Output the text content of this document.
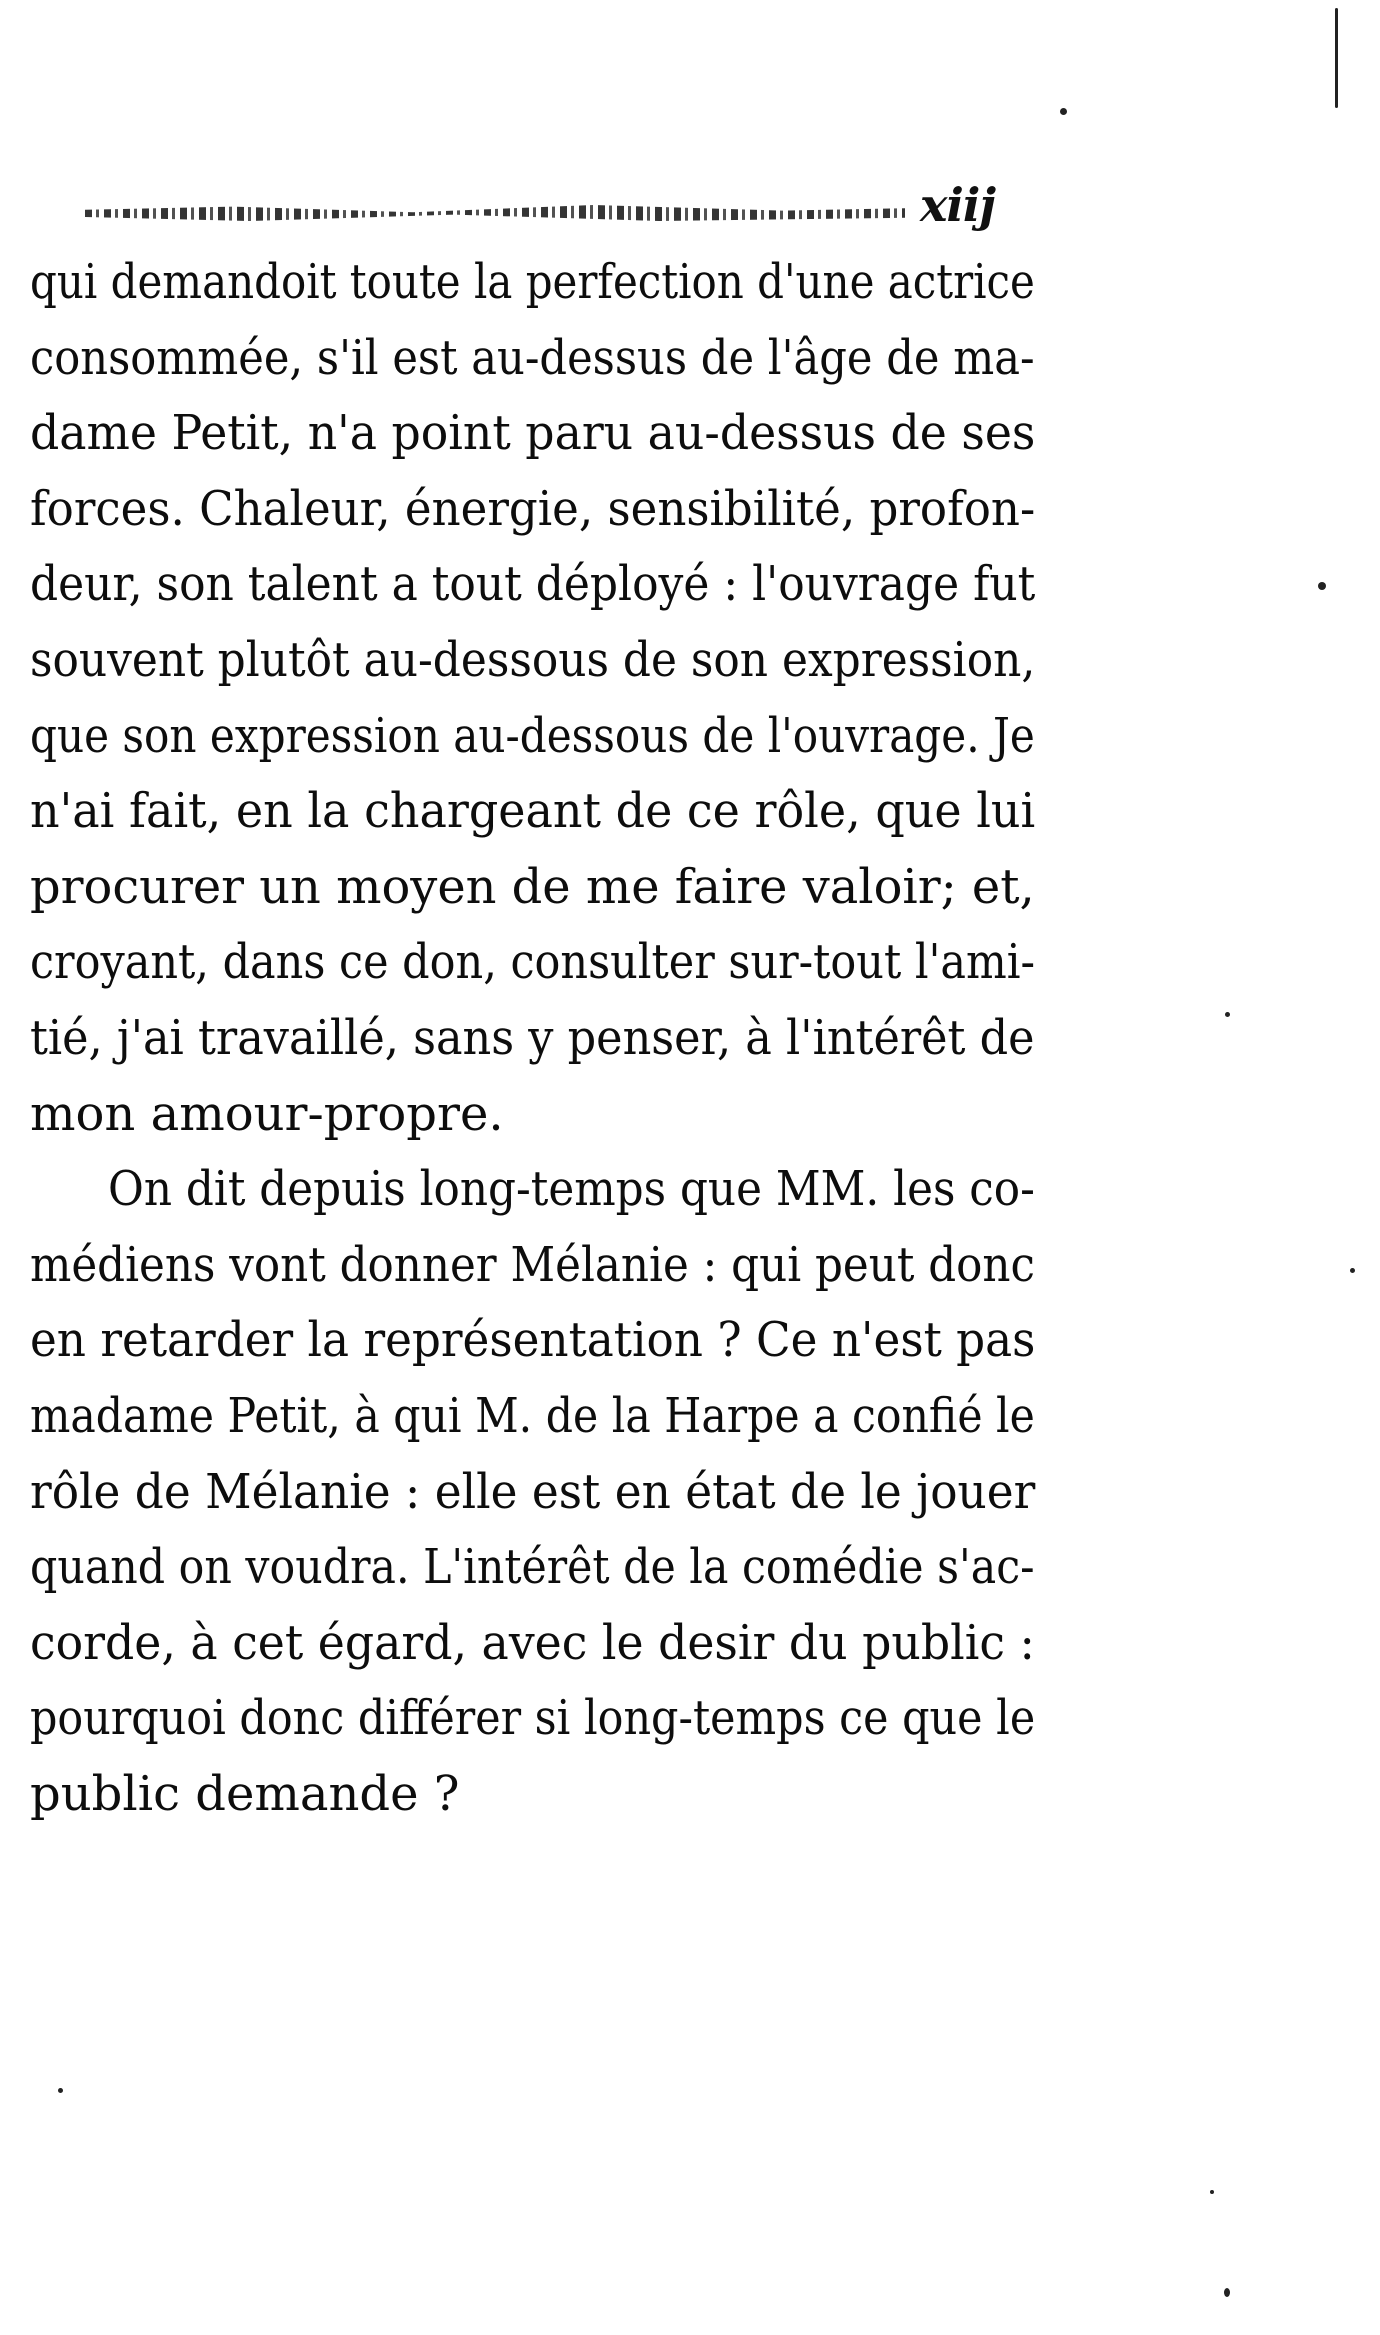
xiij
qui demandoit toute la perfection d'une actrice
consommée, s'il est au-dessus de l'âge de ma-
dame Petit, n'a point paru au-dessus de ses
forces. Chaleur, énergie, sensibilité, profon-
deur, son talent a tout déployé : l'ouvrage fut
souvent plutôt au-dessous de son expression,
que son expression au-dessous de l'ouvrage. Je
n'ai fait, en la chargeant de ce rôle, que lui
procurer un moyen de me faire valoir; et,
croyant, dans ce don, consulter sur-tout l'ami-
tié, j'ai travaillé, sans y penser, à l'intérêt de
mon amour-propre.
On dit depuis long-temps que MM. les co-
médiens vont donner Mélanie : qui peut donc
en retarder la représentation ? Ce n'est pas
madame Petit, à qui M. de la Harpe a confié le
rôle de Mélanie : elle est en état de le jouer
quand on voudra. L'intérêt de la comédie s'ac-
corde, à cet égard, avec le desir du public :
pourquoi donc différer si long-temps ce que le
public demande ?
